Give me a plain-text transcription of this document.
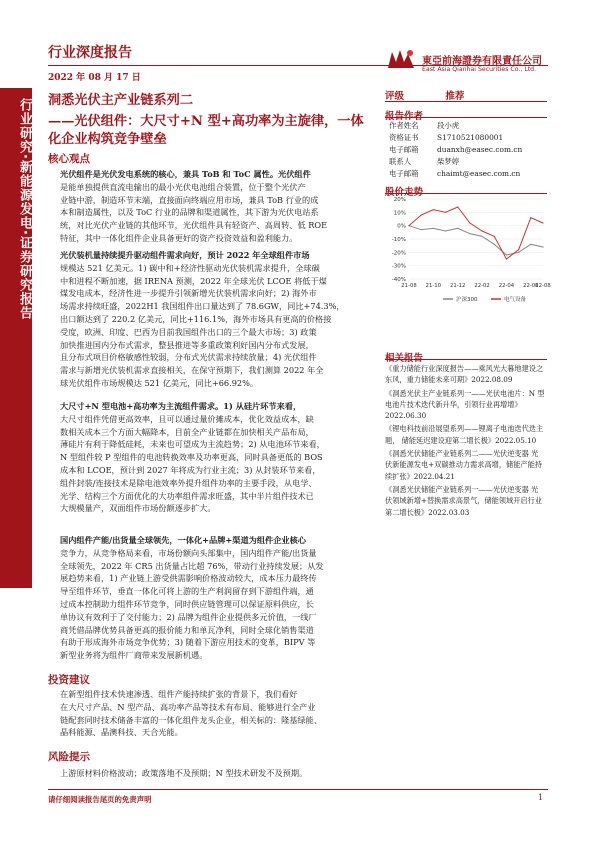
行业研究·新能源发电·证券研究报告
行业深度报告
2022 年 08 月 17 日
東亞前海證券有限責任公司
East Asia Qianhai Securities Co., Ltd.
洞悉光伏主产业链系列二
——光伏组件：大尺寸+N 型+高功率为主旋律，一体
化企业构筑竞争壁垒
核心观点
光伏组件是光伏发电系统的核心，兼具 ToB 和 ToC 属性。光伏组件
是能单独提供直流电输出的最小光伏电池组合装置，位于整个光伏产
业链中游，制造环节末端，直接面向终端应用市场，兼具 ToB 行业的成
本和制造属性，以及 ToC 行业的品牌和渠道属性，其下游为光伏电站系
统，对比光伏产业链的其他环节，光伏组件具有轻资产、高周转、低 ROE
特征，其中一体化组件企业具备更好的资产投资效益和盈利能力。
光伏装机量持续提升驱动组件需求向好，预计 2022 年全球组件市场
规模达 521 亿美元。1) 碳中和+经济性驱动光伏装机需求提升，全球碳
中和进程不断加速，据 IRENA 预测，2022 年全球光伏 LCOE 将低于煤
煤发电成本，经济性进一步提升引领新增光伏装机需求向好；2) 海外市
场需求持续旺盛，2022H1 我国组件出口量达到了 78.6GW，同比+74.3%，
出口额达到了 220.2 亿美元，同比+116.1%，海外市场具有更高的价格接
受度，欧洲、印度、巴西为目前我国组件出口的三个最大市场；3) 政策
加快推进国内分布式需求，整县推进等多重政策利好国内分布式发展，
且分布式项目价格敏感性较弱，分布式光伏需求持续放量；4) 光伏组件
需求与新增光伏装机需求直接相关，在保守预期下，我们测算 2022 年全
球光伏组件市场规模达 521 亿美元，同比+66.92%。
大尺寸+N 型电池+高功率为主流组件需求。1) 从硅片环节来看，
大尺寸组件凭借更高效率，且可以通过量价摊成本，优化效益成本，缺
数相关成本三个方面大幅降本，目前全产业链都在加快相关产品布局，
薄硅片有利于降低硅耗，未来也可望成为主流趋势；2) 从电池环节来看，
N 型组件较 P 型组件的电池转换效率及功率更高，同时具备更低的 BOS
成本和 LCOE，预计到 2027 年将成为行业主流；3) 从封装环节来看，
组件封装/连接技术是除电池效率外提升组件功率的主要手段，从电学、
光学、结构三个方面优化的大功率组件需求旺盛，其中半片组件技术已
大规模量产，双面组件市场份额逐步扩大。
国内组件产能/出货量全球领先，一体化+品牌+渠道为组件企业核心
竞争力，从竞争格局来看，市场份额向头部集中，国内组件产能/出货量
全球领先，2022 年 CR5 出货量占比超 76%，带动行业持续发展；从发
展趋势来看，1) 产业链上游受供需影响价格波动较大，成本压力最终传
导至组件环节，垂直一体化可将上游的生产利润留存到下游组件端，通
过成本控制助力组件环节竞争，同时供应链管理可以保证原料供应，长
单协议有效利于了交付能力；2) 品牌为组件企业提供多元价值，一线厂
商凭借品牌优势具备更高的报价能力和单瓦净利，同时全球化销售渠道
有助于形成海外市场竞争优势；3) 随着下游应用技术的变革，BIPV 等
新型业务将为组件厂商带来发展新机遇。
投资建议
在新型组件技术快速渗透、组件产能持续扩张的背景下，我们看好
在大尺寸产品、N 型产品、高功率产品等技术有布局、能够进行全产业
链配套同时技术储备丰富的一体化组件龙头企业，相关标的：隆基绿能、
晶科能源、晶澳科技、天合光能。
风险提示
上游原材料价格波动；政策落地不及预期；N 型技术研发不及预期。
评级	推荐
报告作者
作者姓名 段小虎
资格证书 S1710521080001
电子邮箱 duanxh@easec.com.cn
联系人	柴梦婷
电子邮箱 chaimt@easec.com.cn
股价走势
20%
10%
0%
-10%
-20%
-30%
-40%
21-08 21-10 21-12 22-02 22-04 22-06
22-08
沪深300	电气设备
相关报告
《重力储能行业深度报告——乘风光大暮地建设之东风，重力储能未来可期》2022.08.09
《洞悉光伏主产业链系列一——光伏电池片：N 型电池片技术迭代新升华，引领行业再增增》2022.06.30
《锂电科技前沿展望系列——锂离子电池迭代迭主题， 储能延迟建设迎第二增长极》2022.05.10
《洞悉光伏储能产业链系列二——光伏逆变器 光伏新能源发电+双碳推动力需求高增，储能产能持续扩张》2022.04.21
《洞悉光伏储能产业链系列一——光伏逆变器 光伏领域新增+替换需求高景气，储能领域开启行业第二增长极》2022.03.03
请仔细阅读报告尾页的免责声明	1
